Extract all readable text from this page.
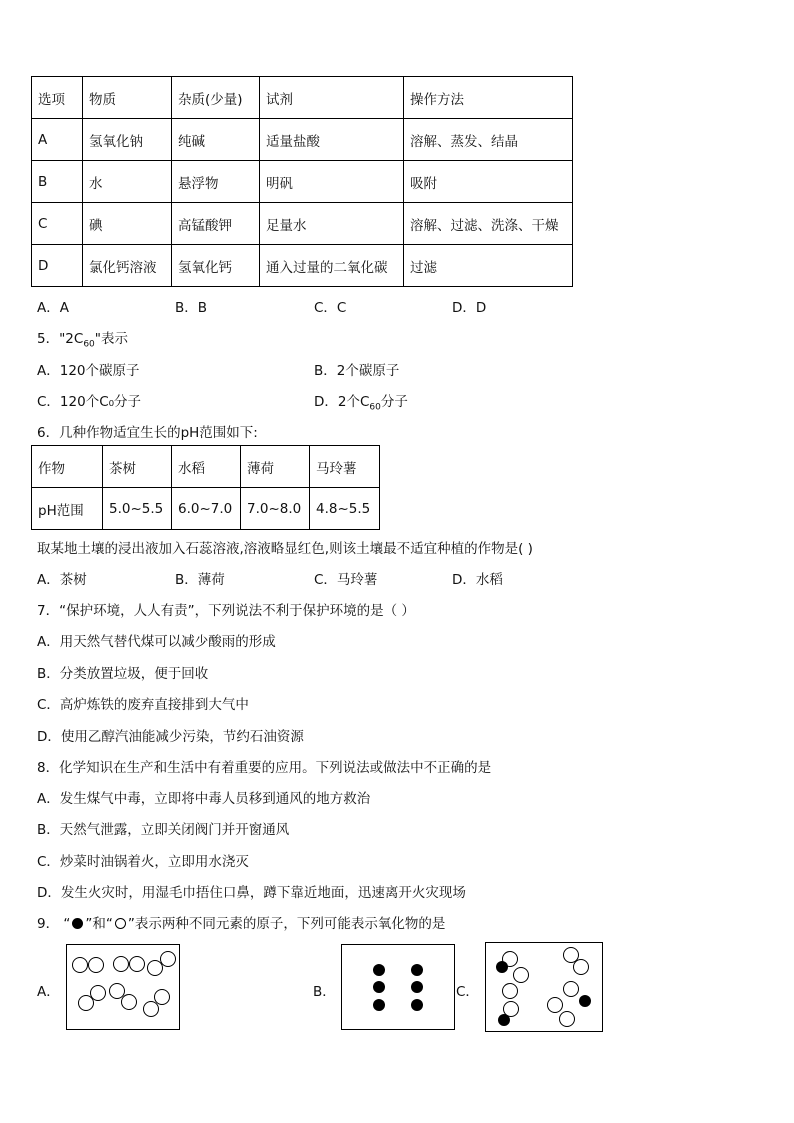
选项	物质	杂质(少量)	试剂	操作方法
A	氢氧化钠	纯碱	适量盐酸	溶解、蒸发、结晶
B	水	悬浮物	明矾	吸附
C	碘	高锰酸钾	足量水	溶解、过滤、洗涤、干燥
D	氯化钙溶液	氢氧化钙	通入过量的二氧化碳	过滤
A．A	B．B	C．C	D．D
5．"$2C_{60}$"表示
A．120个碳原子	B．2个碳原子
C．120个C₀分子	D．2个$C_{60}$分子
6．几种作物适宜生长的pH范围如下:
作物	茶树	水稻	薄荷	马玲薯
pH范围	5.0~5.5	6.0~7.0	7.0~8.0	4.8~5.5
取某地土壤的浸出液加入石蕊溶液,溶液略显红色,则该土壤最不适宜种植的作物是( )
A．茶树	B．薄荷	C．马玲薯	D．水稻
7．“保护环境，人人有责”，下列说法不利于保护环境的是（ ）
A．用天然气替代煤可以减少酸雨的形成
B．分类放置垃圾，便于回收
C．高炉炼铁的废弃直接排到大气中
D．使用乙醇汽油能减少污染，节约石油资源
8．化学知识在生产和生活中有着重要的应用。下列说法或做法中不正确的是
A．发生煤气中毒，立即将中毒人员移到通风的地方救治
B．天然气泄露，立即关闭阀门并开窗通风
C．炒菜时油锅着火，立即用水浇灭
D．发生火灾时，用湿毛巾捂住口鼻，蹲下靠近地面，迅速离开火灾现场
9． “ ”和“ ”表示两种不同元素的原子，下列可能表示氧化物的是
A．	B．	C．
